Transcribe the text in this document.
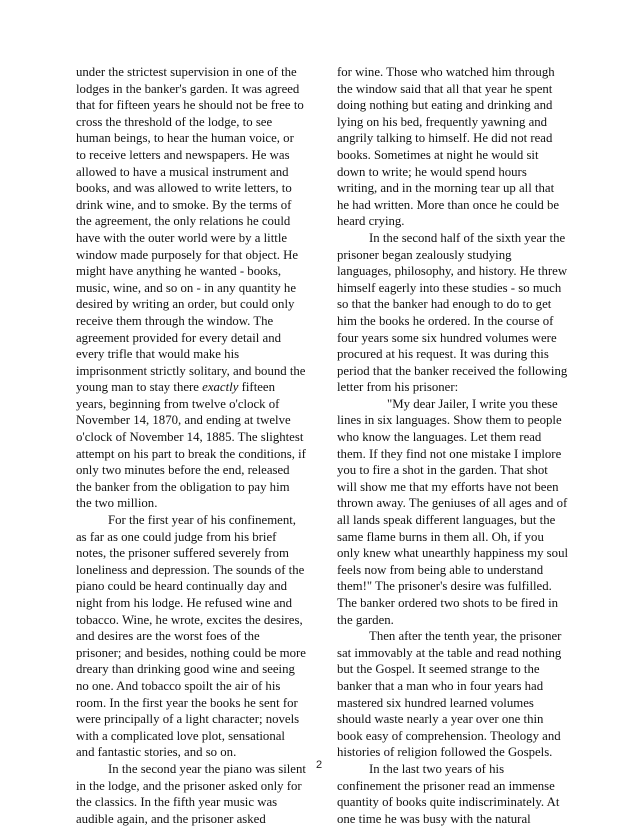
under the strictest supervision in one of the lodges in the banker's garden. It was agreed that for fifteen years he should not be free to cross the threshold of the lodge, to see human beings, to hear the human voice, or to receive letters and newspapers. He was allowed to have a musical instrument and books, and was allowed to write letters, to drink wine, and to smoke. By the terms of the agreement, the only relations he could have with the outer world were by a little window made purposely for that object. He might have anything he wanted - books, music, wine, and so on - in any quantity he desired by writing an order, but could only receive them through the window. The agreement provided for every detail and every trifle that would make his imprisonment strictly solitary, and bound the young man to stay there exactly fifteen years, beginning from twelve o'clock of November 14, 1870, and ending at twelve o'clock of November 14, 1885. The slightest attempt on his part to break the conditions, if only two minutes before the end, released the banker from the obligation to pay him the two million.

For the first year of his confinement, as far as one could judge from his brief notes, the prisoner suffered severely from loneliness and depression. The sounds of the piano could be heard continually day and night from his lodge. He refused wine and tobacco. Wine, he wrote, excites the desires, and desires are the worst foes of the prisoner; and besides, nothing could be more dreary than drinking good wine and seeing no one. And tobacco spoilt the air of his room. In the first year the books he sent for were principally of a light character; novels with a complicated love plot, sensational and fantastic stories, and so on.

In the second year the piano was silent in the lodge, and the prisoner asked only for the classics. In the fifth year music was audible again, and the prisoner asked

for wine. Those who watched him through the window said that all that year he spent doing nothing but eating and drinking and lying on his bed, frequently yawning and angrily talking to himself. He did not read books. Sometimes at night he would sit down to write; he would spend hours writing, and in the morning tear up all that he had written. More than once he could be heard crying.

In the second half of the sixth year the prisoner began zealously studying languages, philosophy, and history. He threw himself eagerly into these studies - so much so that the banker had enough to do to get him the books he ordered. In the course of four years some six hundred volumes were procured at his request. It was during this period that the banker received the following letter from his prisoner:

"My dear Jailer, I write you these lines in six languages. Show them to people who know the languages. Let them read them. If they find not one mistake I implore you to fire a shot in the garden. That shot will show me that my efforts have not been thrown away. The geniuses of all ages and of all lands speak different languages, but the same flame burns in them all. Oh, if you only knew what unearthly happiness my soul feels now from being able to understand them!" The prisoner's desire was fulfilled. The banker ordered two shots to be fired in the garden.

Then after the tenth year, the prisoner sat immovably at the table and read nothing but the Gospel. It seemed strange to the banker that a man who in four years had mastered six hundred learned volumes should waste nearly a year over one thin book easy of comprehension. Theology and histories of religion followed the Gospels.

In the last two years of his confinement the prisoner read an immense quantity of books quite indiscriminately. At one time he was busy with the natural

2
